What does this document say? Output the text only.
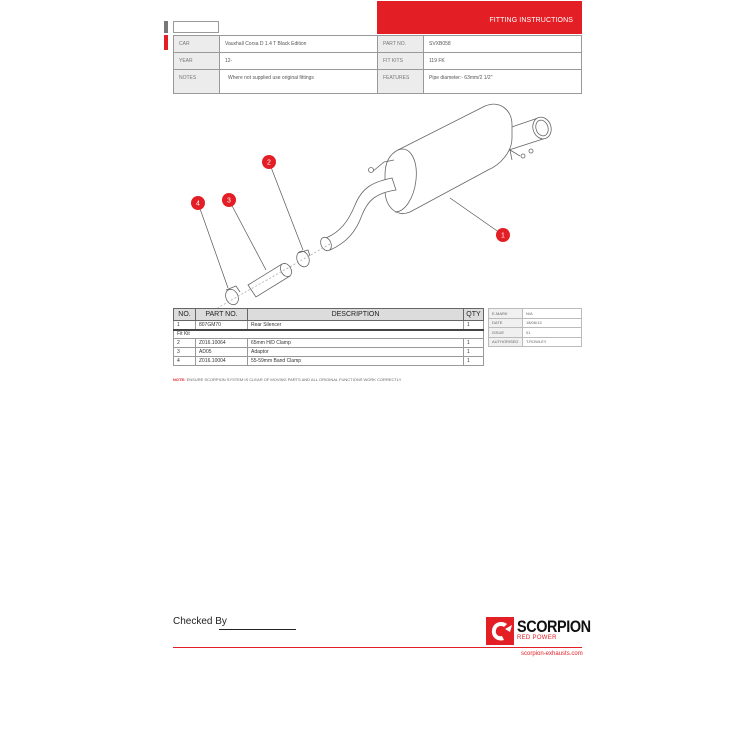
FITTING INSTRUCTIONS
CAR	Vauxhall Corsa D 1.4 T Black Edition	PART NO.	SVXB058
YEAR	12-	FIT KITS	119 FK
NOTES	Where not supplied use original fittings	FEATURES	Pipe diameter:- 63mm/2 1/2"
1
2
3
4
NO.	PART NO.	DESCRIPTION	QTY
1	807GM70	Rear Silencer	1
Fit Kit			
2	Z016.10064	65mm H/D Clamp	1
3	AD05	Adaptor	1
4	Z016.10004	55-59mm Band Clamp	1
NOTE: ENSURE SCORPION SYSTEM IS CLEAR OF MOVING PARTS AND ALL ORIGINAL FUNCTIONS WORK CORRECTLY
E-MARK	N/A
DATE	18/06/13
ISSUE	01
AUTHORISED	T.ROWLEY
Checked By	SCORPION
RED POWER
scorpion-exhausts.com
